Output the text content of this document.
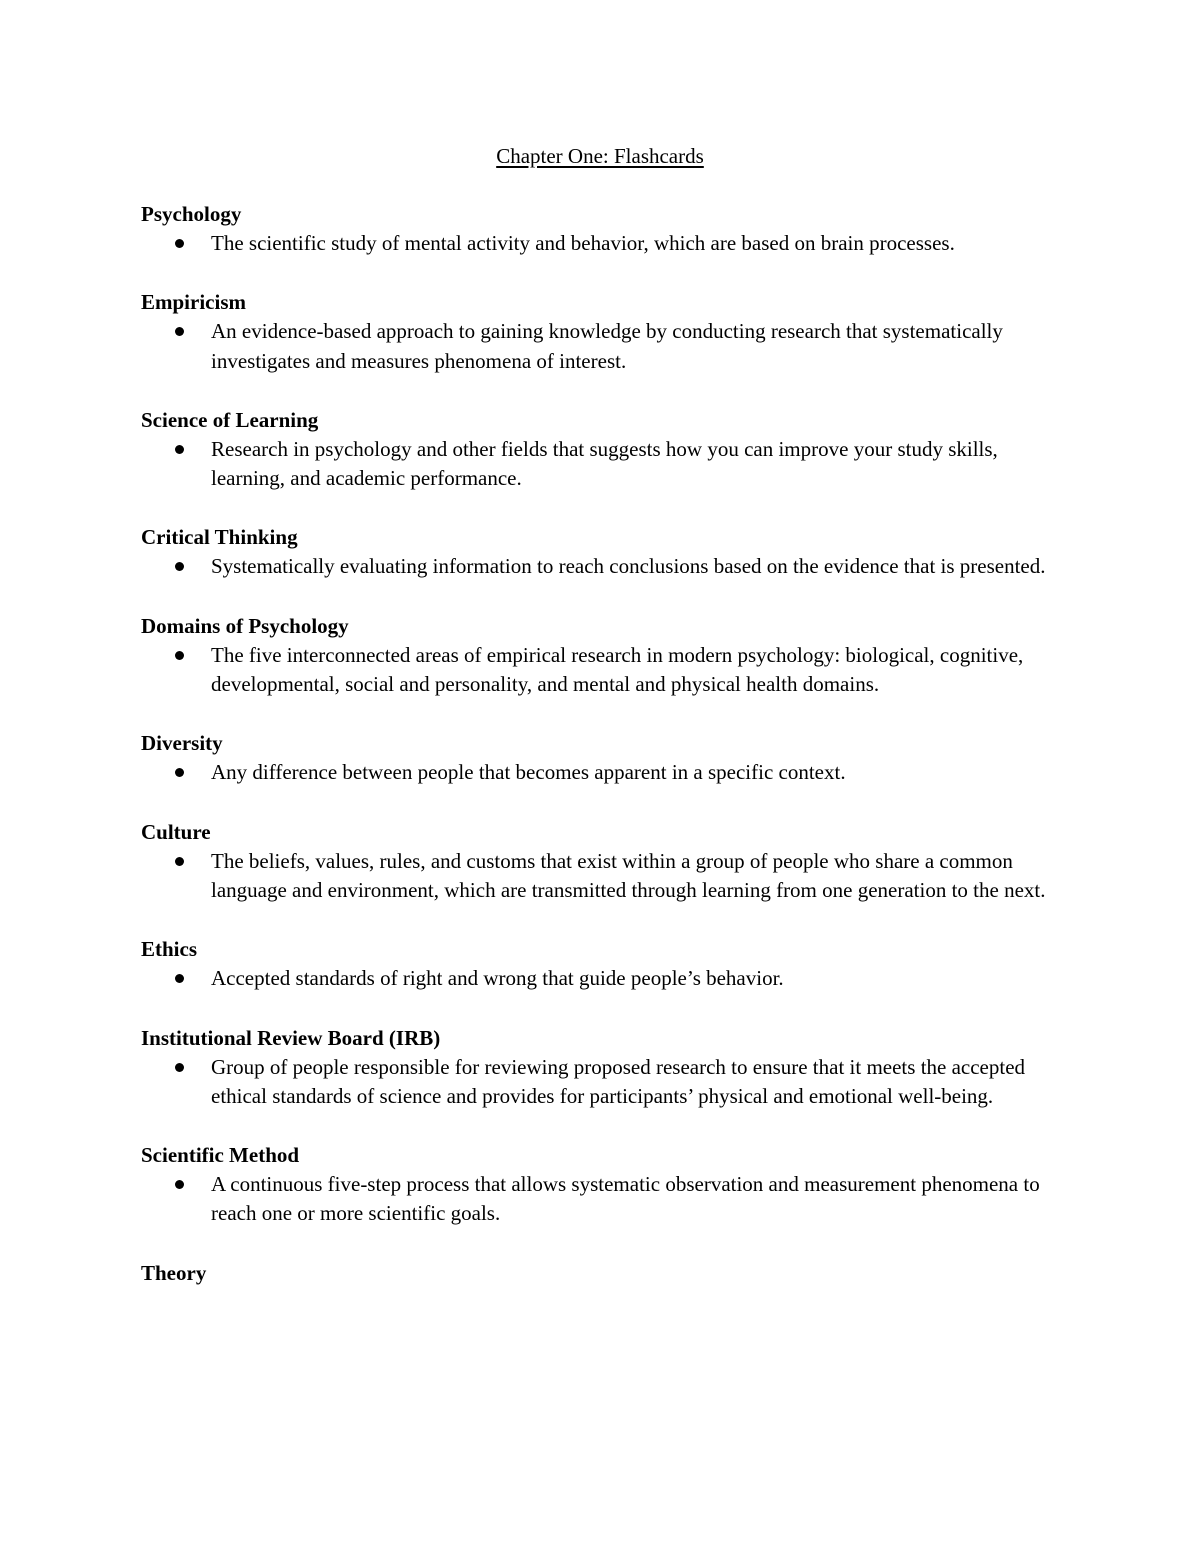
Chapter One: Flashcards

Psychology

The scientific study of mental activity and behavior, which are based on brain processes.

Empiricism

An evidence-based approach to gaining knowledge by conducting research that systematically investigates and measures phenomena of interest.

Science of Learning

Research in psychology and other fields that suggests how you can improve your study skills, learning, and academic performance.

Critical Thinking

Systematically evaluating information to reach conclusions based on the evidence that is presented.

Domains of Psychology

The five interconnected areas of empirical research in modern psychology: biological, cognitive, developmental, social and personality, and mental and physical health domains.

Diversity

Any difference between people that becomes apparent in a specific context.

Culture

The beliefs, values, rules, and customs that exist within a group of people who share a common language and environment, which are transmitted through learning from one generation to the next.

Ethics

Accepted standards of right and wrong that guide people’s behavior.

Institutional Review Board (IRB)

Group of people responsible for reviewing proposed research to ensure that it meets the accepted ethical standards of science and provides for participants’ physical and emotional well-being.

Scientific Method

A continuous five-step process that allows systematic observation and measurement phenomena to reach one or more scientific goals.

Theory
